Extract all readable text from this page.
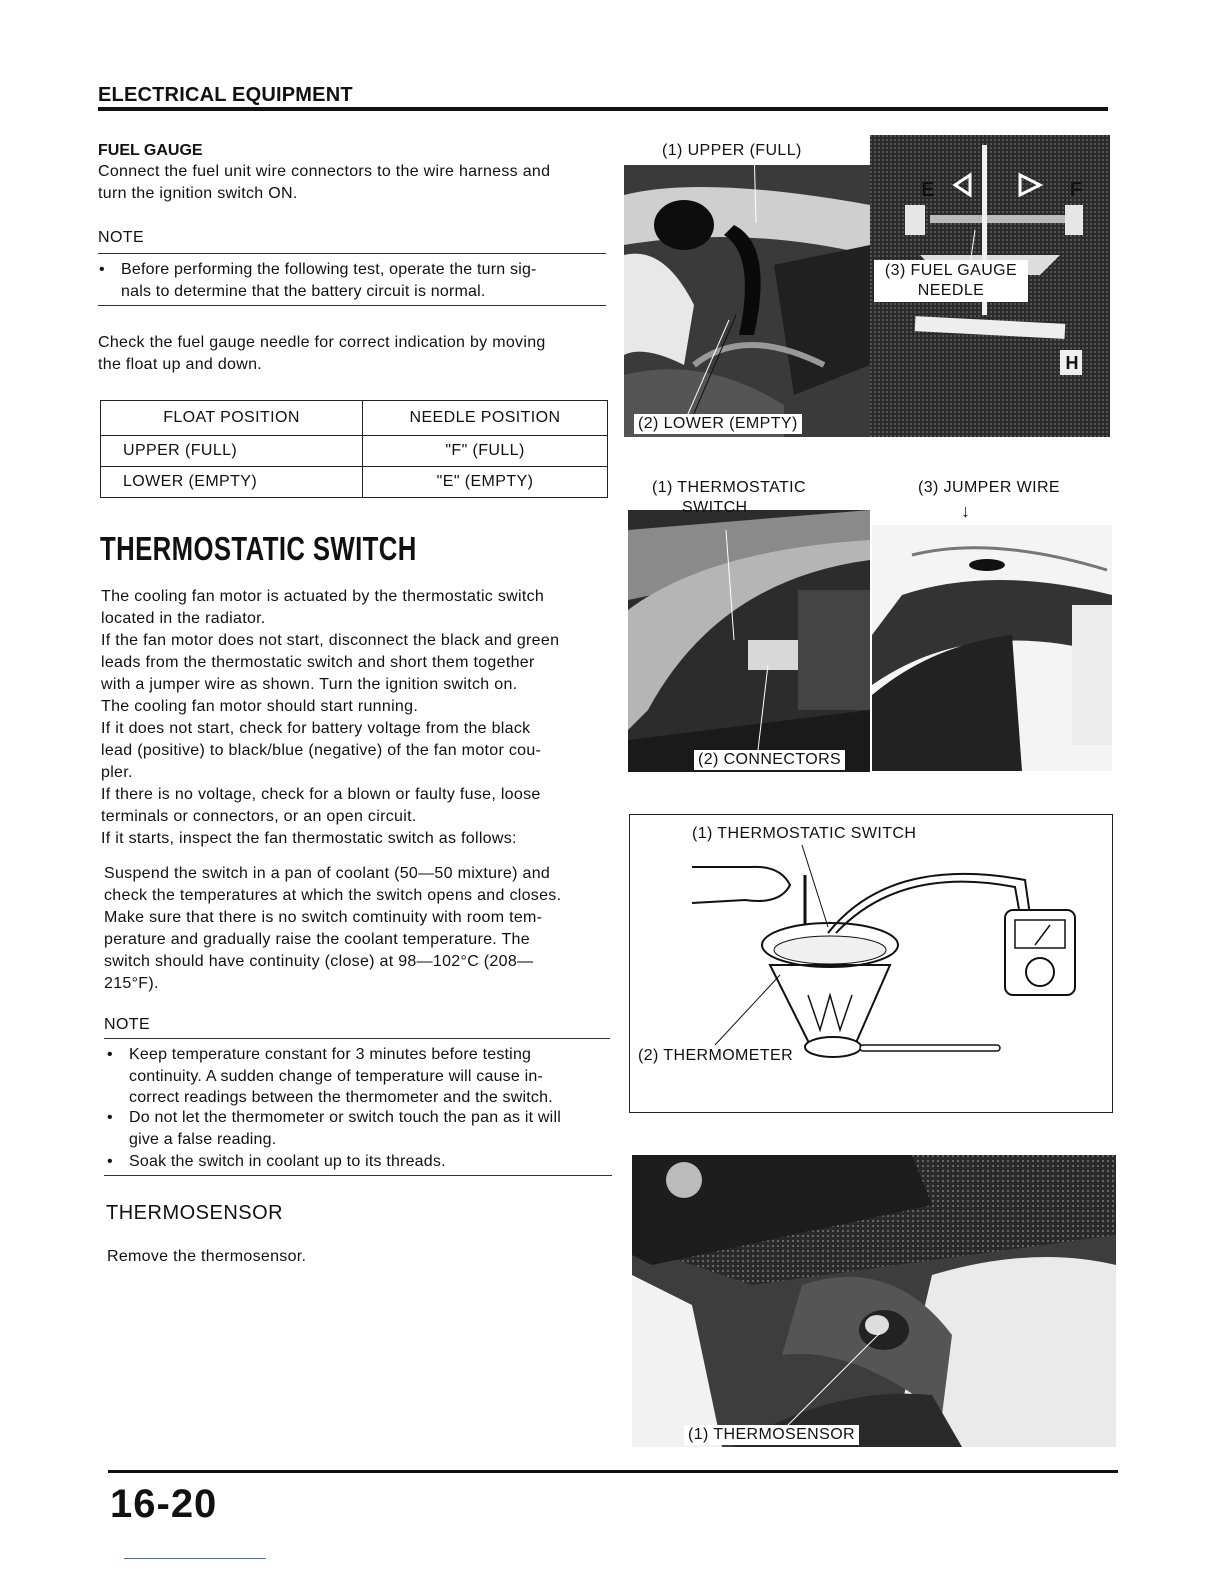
ELECTRICAL EQUIPMENT
FUEL GAUGE
Connect the fuel unit wire connectors to the wire harness and
turn the ignition switch ON.
NOTE
• Before performing the following test, operate the turn sig-
nals to determine that the battery circuit is normal.
Check the fuel gauge needle for correct indication by moving
the float up and down.
FLOAT POSITION	NEEDLE POSITION
UPPER (FULL)	"F" (FULL)
LOWER (EMPTY)	"E" (EMPTY)
THERMOSTATIC SWITCH
The cooling fan motor is actuated by the thermostatic switch
located in the radiator.
If the fan motor does not start, disconnect the black and green
leads from the thermostatic switch and short them together
with a jumper wire as shown. Turn the ignition switch on.
The cooling fan motor should start running.
If it does not start, check for battery voltage from the black
lead (positive) to black/blue (negative) of the fan motor cou-
pler.
If there is no voltage, check for a blown or faulty fuse, loose
terminals or connectors, or an open circuit.
If it starts, inspect the fan thermostatic switch as follows:
Suspend the switch in a pan of coolant (50—50 mixture) and
check the temperatures at which the switch opens and closes.
Make sure that there is no switch comtinuity with room tem-
perature and gradually raise the coolant temperature. The
switch should have continuity (close) at 98—102°C (208—
215°F).
NOTE
• Keep temperature constant for 3 minutes before testing
continuity. A sudden change of temperature will cause in-
correct readings between the thermometer and the switch.
• Do not let the thermometer or switch touch the pan as it will
give a false reading.
• Soak the switch in coolant up to its threads.
THERMOSENSOR
Remove the thermosensor.
E	F
H
(1) UPPER (FULL)
(2) LOWER (EMPTY)
(3) FUEL GAUGE
NEEDLE
(1) THERMOSTATIC
SWITCH
(3) JUMPER WIRE
↓
(2) CONNECTORS
(1) THERMOSTATIC SWITCH
(2) THERMOMETER
(1) THERMOSENSOR
16-20
